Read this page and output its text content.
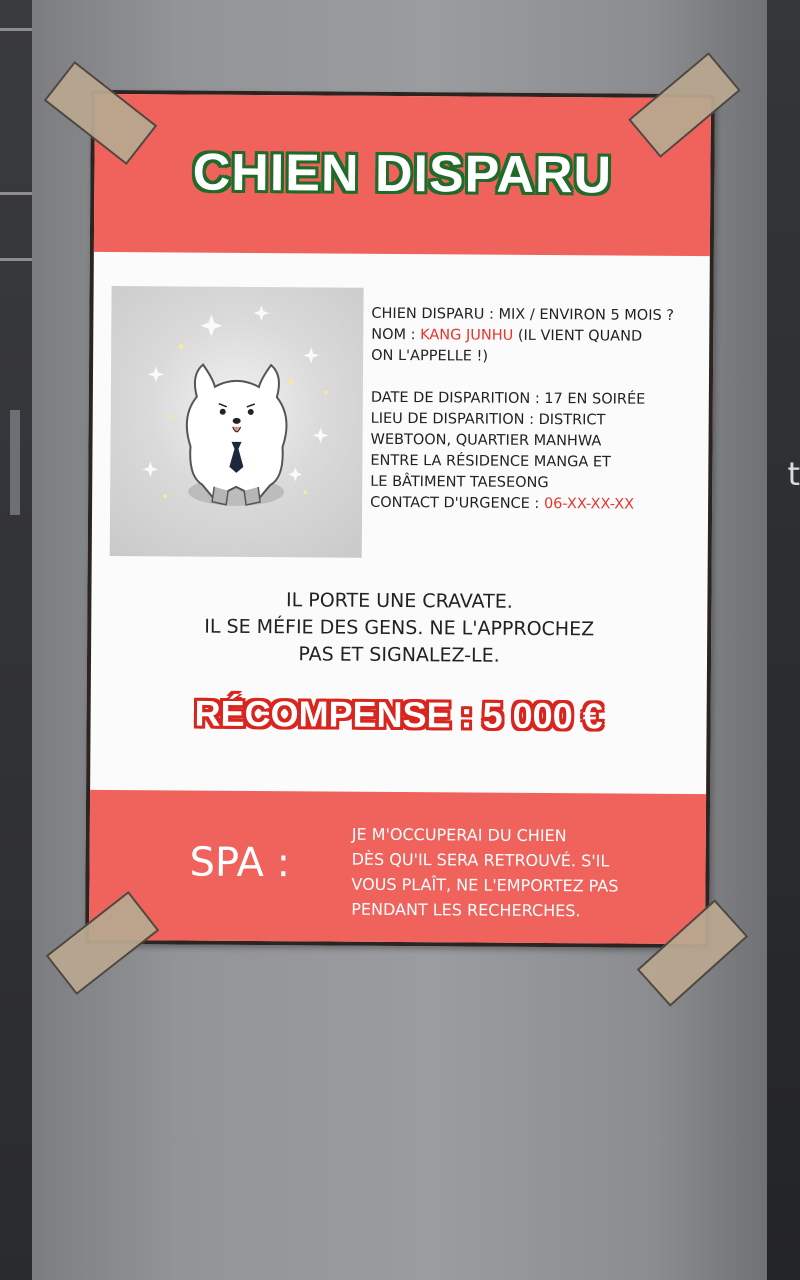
t
CHIEN DISPARU
CHIEN DISPARU : MIX / ENVIRON 5 MOIS ?
NOM : KANG JUNHU (IL VIENT QUAND
ON L'APPELLE !)
DATE DE DISPARITION : 17 EN SOIRÉE
LIEU DE DISPARITION : DISTRICT
WEBTOON, QUARTIER MANHWA
ENTRE LA RÉSIDENCE MANGA ET
LE BÂTIMENT TAESEONG
CONTACT D'URGENCE : 06-XX-XX-XX
IL PORTE UNE CRAVATE.
IL SE MÉFIE DES GENS. NE L'APPROCHEZ
PAS ET SIGNALEZ-LE.
RÉCOMPENSE : 5 000 €
SPA :
JE M'OCCUPERAI DU CHIEN
DÈS QU'IL SERA RETROUVÉ. S'IL
VOUS PLAÎT, NE L'EMPORTEZ PAS
PENDANT LES RECHERCHES.
